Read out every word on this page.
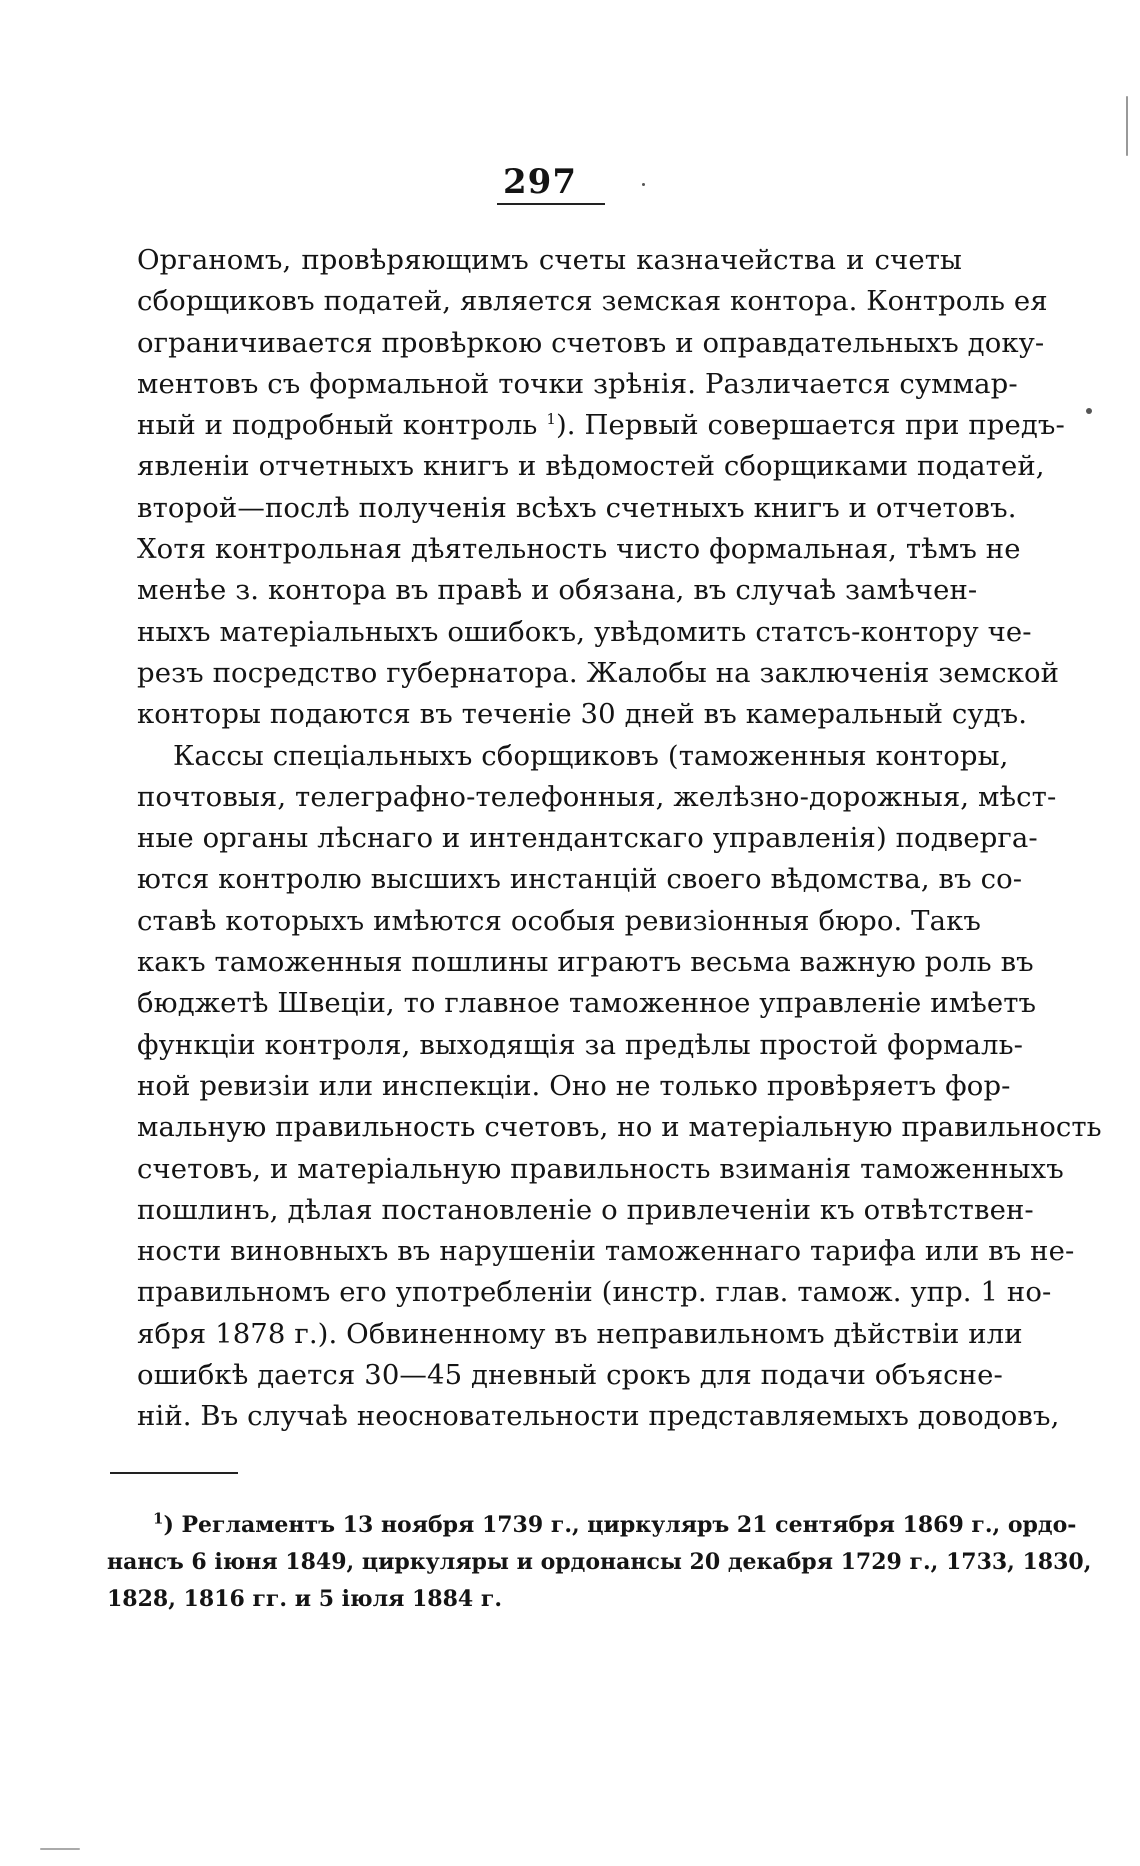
297
Органомъ, провѣряющимъ счеты казначейства и счеты
сборщиковъ податей, является земская контора. Контроль ея
ограничивается провѣркою счетовъ и оправдательныхъ доку-
ментовъ съ формальной точки зрѣнія. Различается суммар-
ный и подробный контроль $^1$). Первый совершается при предъ-
явленіи отчетныхъ книгъ и вѣдомостей сборщиками податей,
второй—послѣ полученія всѣхъ счетныхъ книгъ и отчетовъ.
Хотя контрольная дѣятельность чисто формальная, тѣмъ не
менѣе з. контора въ правѣ и обязана, въ случаѣ замѣчен-
ныхъ матеріальныхъ ошибокъ, увѣдомить статсъ-контору че-
резъ посредство губернатора. Жалобы на заключенія земской
конторы подаются въ теченіе 30 дней въ камеральный судъ.
Кассы спеціальныхъ сборщиковъ (таможенныя конторы,
почтовыя, телеграфно-телефонныя, желѣзно-дорожныя, мѣст-
ные органы лѣснаго и интендантскаго управленія) подверга-
ются контролю высшихъ инстанцій своего вѣдомства, въ со-
ставѣ которыхъ имѣются особыя ревизіонныя бюро. Такъ
какъ таможенныя пошлины играютъ весьма важную роль въ
бюджетѣ Швеціи, то главное таможенное управленіе имѣетъ
функціи контроля, выходящія за предѣлы простой формаль-
ной ревизіи или инспекціи. Оно не только провѣряетъ фор-
мальную правильность счетовъ, но и матеріальную правильность
счетовъ, и матеріальную правильность взиманія таможенныхъ
пошлинъ, дѣлая постановленіе о привлеченіи къ отвѣтствен-
ности виновныхъ въ нарушеніи таможеннаго тарифа или въ не-
правильномъ его употребленіи (инстр. глав. тамож. упр. 1 но-
ября 1878 г.). Обвиненному въ неправильномъ дѣйствіи или
ошибкѣ дается 30—45 дневный срокъ для подачи объясне-
ній. Въ случаѣ неосновательности представляемыхъ доводовъ,
$^1$) Регламентъ 13 ноября 1739 г., циркуляръ 21 сентября 1869 г., ордо-
нансъ 6 іюня 1849, циркуляры и ордонансы 20 декабря 1729 г., 1733, 1830,
1828, 1816 гг. и 5 іюля 1884 г.
